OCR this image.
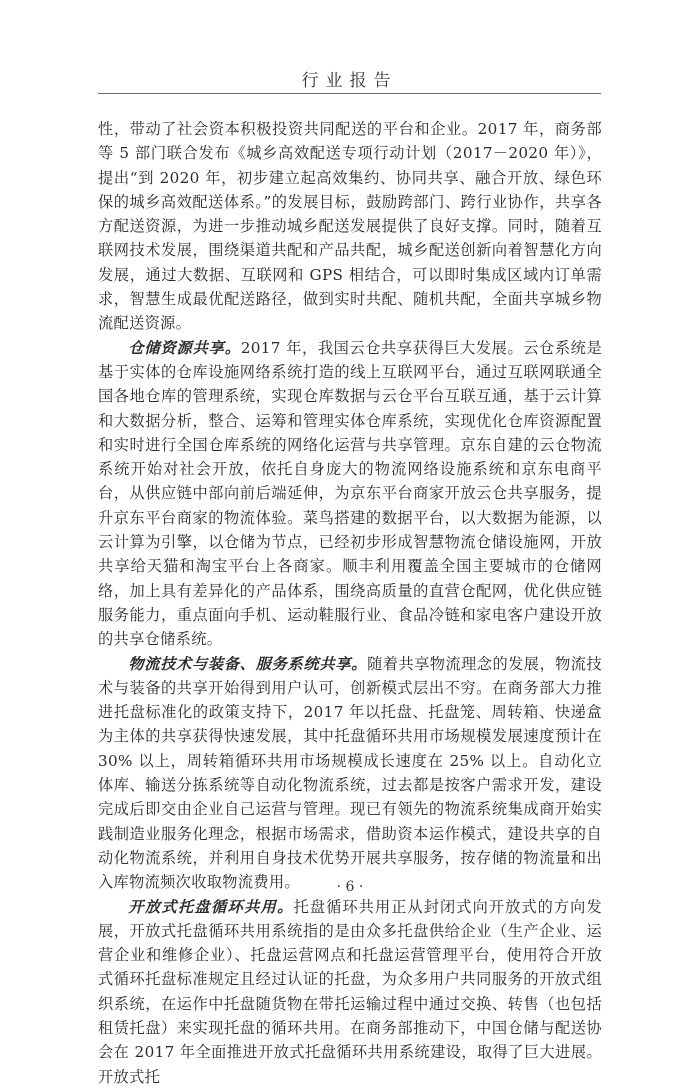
行业报告

性，带动了社会资本积极投资共同配送的平台和企业。2017 年，商务部等 5 部门联合发布《城乡高效配送专项行动计划（2017－2020 年）》，提出“到 2020 年，初步建立起高效集约、协同共享、融合开放、绿色环保的城乡高效配送体系。”的发展目标，鼓励跨部门、跨行业协作，共享各方配送资源，为进一步推动城乡配送发展提供了良好支撑。同时，随着互联网技术发展，围绕渠道共配和产品共配，城乡配送创新向着智慧化方向发展，通过大数据、互联网和 GPS 相结合，可以即时集成区域内订单需求，智慧生成最优配送路径，做到实时共配、随机共配，全面共享城乡物流配送资源。

仓储资源共享。2017 年，我国云仓共享获得巨大发展。云仓系统是基于实体的仓库设施网络系统打造的线上互联网平台，通过互联网联通全国各地仓库的管理系统，实现仓库数据与云仓平台互联互通，基于云计算和大数据分析，整合、运筹和管理实体仓库系统，实现优化仓库资源配置和实时进行全国仓库系统的网络化运营与共享管理。京东自建的云仓物流系统开始对社会开放，依托自身庞大的物流网络设施系统和京东电商平台，从供应链中部向前后端延伸，为京东平台商家开放云仓共享服务，提升京东平台商家的物流体验。菜鸟搭建的数据平台，以大数据为能源，以云计算为引擎，以仓储为节点，已经初步形成智慧物流仓储设施网，开放共享给天猫和淘宝平台上各商家。顺丰利用覆盖全国主要城市的仓储网络，加上具有差异化的产品体系，围绕高质量的直营仓配网，优化供应链服务能力，重点面向手机、运动鞋服行业、食品冷链和家电客户建设开放的共享仓储系统。

物流技术与装备、服务系统共享。随着共享物流理念的发展，物流技术与装备的共享开始得到用户认可，创新模式层出不穷。在商务部大力推进托盘标准化的政策支持下，2017 年以托盘、托盘笼、周转箱、快递盒为主体的共享获得快速发展，其中托盘循环共用市场规模发展速度预计在 30% 以上，周转箱循环共用市场规模成长速度在 25% 以上。自动化立体库、输送分拣系统等自动化物流系统，过去都是按客户需求开发，建设完成后即交由企业自己运营与管理。现已有领先的物流系统集成商开始实践制造业服务化理念，根据市场需求，借助资本运作模式，建设共享的自动化物流系统，并利用自身技术优势开展共享服务，按存储的物流量和出入库物流频次收取物流费用。

开放式托盘循环共用。托盘循环共用正从封闭式向开放式的方向发展，开放式托盘循环共用系统指的是由众多托盘供给企业（生产企业、运营企业和维修企业）、托盘运营网点和托盘运营管理平台，使用符合开放式循环托盘标准规定且经过认证的托盘，为众多用户共同服务的开放式组织系统，在运作中托盘随货物在带托运输过程中通过交换、转售（也包括租赁托盘）来实现托盘的循环共用。在商务部推动下，中国仓储与配送协会在 2017 年全面推进开放式托盘循环共用系统建设，取得了巨大进展。开放式托

· 6 ·
